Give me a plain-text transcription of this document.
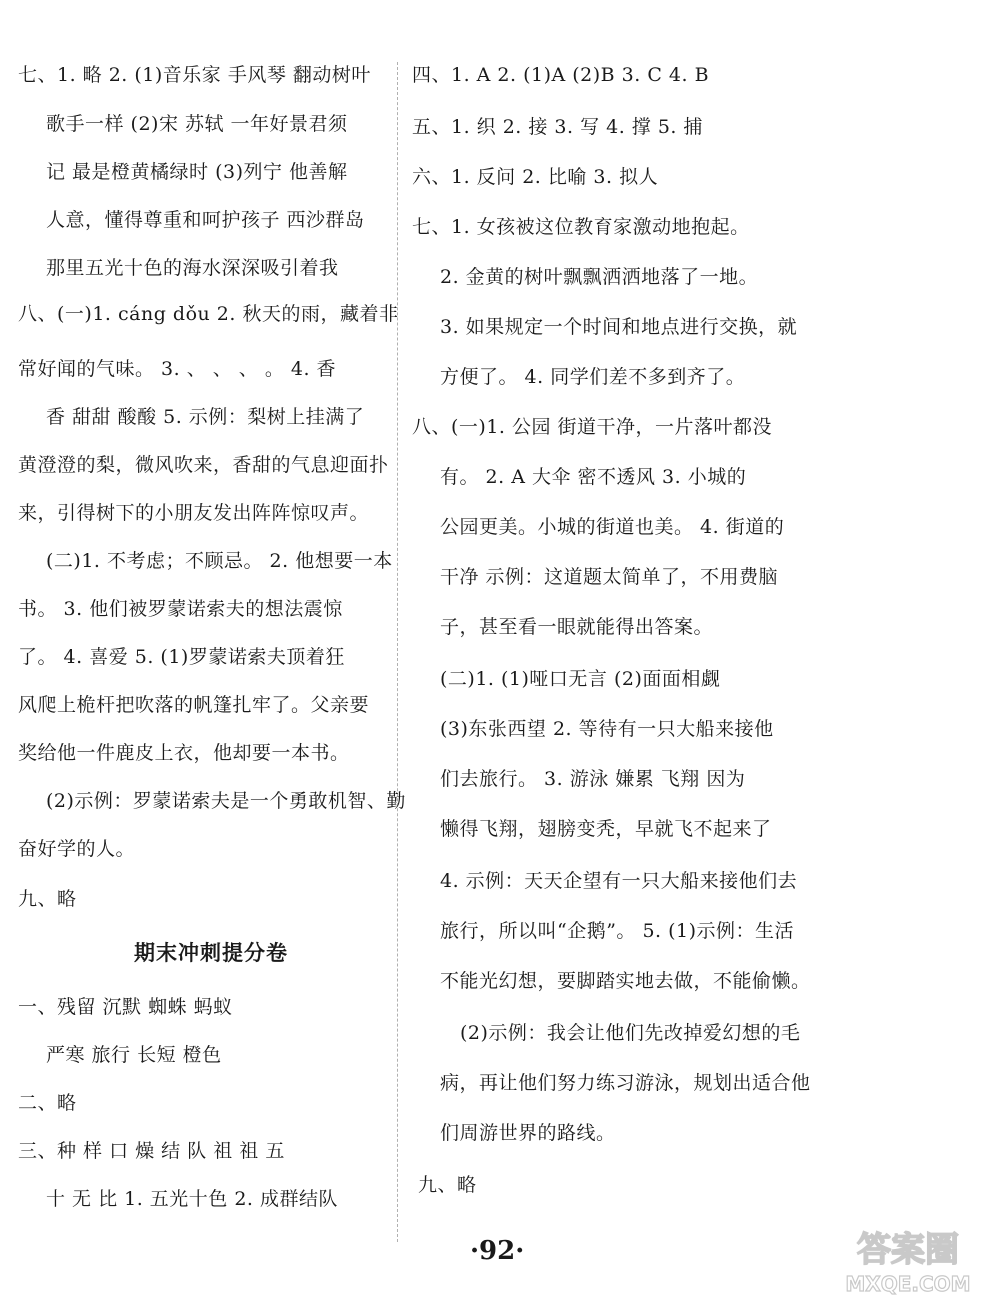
七、1. 略 2. (1)音乐家 手风琴 翻动树叶
歌手一样 (2)宋 苏轼 一年好景君须
记 最是橙黄橘绿时 (3)列宁 他善解
人意，懂得尊重和呵护孩子 西沙群岛
那里五光十色的海水深深吸引着我
八、(一)1. cáng dǒu 2. 秋天的雨，藏着非
常好闻的气味。 3. 、 、 、 。 4. 香
香 甜甜 酸酸 5. 示例：梨树上挂满了
黄澄澄的梨，微风吹来，香甜的气息迎面扑
来，引得树下的小朋友发出阵阵惊叹声。
(二)1. 不考虑；不顾忌。 2. 他想要一本
书。 3. 他们被罗蒙诺索夫的想法震惊
了。 4. 喜爱 5. (1)罗蒙诺索夫顶着狂
风爬上桅杆把吹落的帆篷扎牢了。父亲要
奖给他一件鹿皮上衣，他却要一本书。
(2)示例：罗蒙诺索夫是一个勇敢机智、勤
奋好学的人。
九、略
期末冲刺提分卷
一、残留 沉默 蜘蛛 蚂蚁
严寒 旅行 长短 橙色
二、略
三、种 样 口 燥 结 队 祖 祖 五
十 无 比 1. 五光十色 2. 成群结队
四、1. A 2. (1)A (2)B 3. C 4. B
五、1. 织 2. 接 3. 写 4. 撑 5. 捕
六、1. 反问 2. 比喻 3. 拟人
七、1. 女孩被这位教育家激动地抱起。
2. 金黄的树叶飘飘洒洒地落了一地。
3. 如果规定一个时间和地点进行交换，就
方便了。 4. 同学们差不多到齐了。
八、(一)1. 公园 街道干净，一片落叶都没
有。 2. A 大伞 密不透风 3. 小城的
公园更美。小城的街道也美。 4. 街道的
干净 示例：这道题太简单了，不用费脑
子，甚至看一眼就能得出答案。
(二)1. (1)哑口无言 (2)面面相觑
(3)东张西望 2. 等待有一只大船来接他
们去旅行。 3. 游泳 嫌累 飞翔 因为
懒得飞翔，翅膀变秃，早就飞不起来了
4. 示例：天天企望有一只大船来接他们去
旅行，所以叫“企鹅”。 5. (1)示例：生活
不能光幻想，要脚踏实地去做，不能偷懒。
(2)示例：我会让他们先改掉爱幻想的毛
病，再让他们努力练习游泳，规划出适合他
们周游世界的路线。
九、略
·92·	答案圈
MXQE.COM
